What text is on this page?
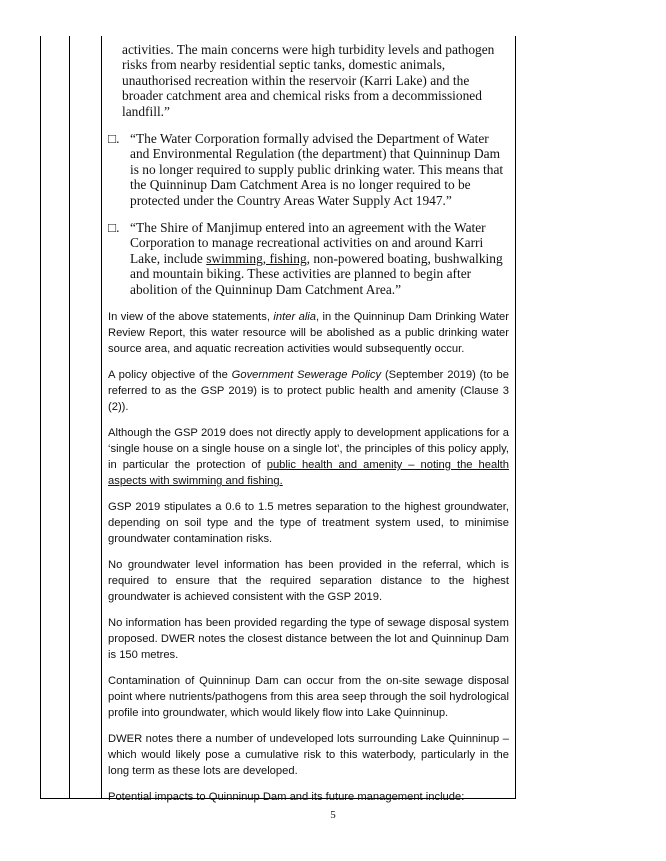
activities. The main concerns were high turbidity levels and pathogen risks from nearby residential septic tanks, domestic animals, unauthorised recreation within the reservoir (Karri Lake) and the broader catchment area and chemical risks from a decommissioned landfill.”
□. “The Water Corporation formally advised the Department of Water and Environmental Regulation (the department) that Quinninup Dam is no longer required to supply public drinking water. This means that the Quinninup Dam Catchment Area is no longer required to be protected under the Country Areas Water Supply Act 1947.”
□. “The Shire of Manjimup entered into an agreement with the Water Corporation to manage recreational activities on and around Karri Lake, include swimming, fishing, non-powered boating, bushwalking and mountain biking. These activities are planned to begin after abolition of the Quinninup Dam Catchment Area.”
In view of the above statements, inter alia, in the Quinninup Dam Drinking Water Review Report, this water resource will be abolished as a public drinking water source area, and aquatic recreation activities would subsequently occur.
A policy objective of the Government Sewerage Policy (September 2019) (to be referred to as the GSP 2019) is to protect public health and amenity (Clause 3 (2)).
Although the GSP 2019 does not directly apply to development applications for a ‘single house on a single house on a single lot’, the principles of this policy apply, in particular the protection of public health and amenity – noting the health aspects with swimming and fishing.
GSP 2019 stipulates a 0.6 to 1.5 metres separation to the highest groundwater, depending on soil type and the type of treatment system used, to minimise groundwater contamination risks.
No groundwater level information has been provided in the referral, which is required to ensure that the required separation distance to the highest groundwater is achieved consistent with the GSP 2019.
No information has been provided regarding the type of sewage disposal system proposed. DWER notes the closest distance between the lot and Quinninup Dam is 150 metres.
Contamination of Quinninup Dam can occur from the on-site sewage disposal point where nutrients/pathogens from this area seep through the soil hydrological profile into groundwater, which would likely flow into Lake Quinninup.
DWER notes there a number of undeveloped lots surrounding Lake Quinninup – which would likely pose a cumulative risk to this waterbody, particularly in the long term as these lots are developed.
Potential impacts to Quinninup Dam and its future management include:
5
